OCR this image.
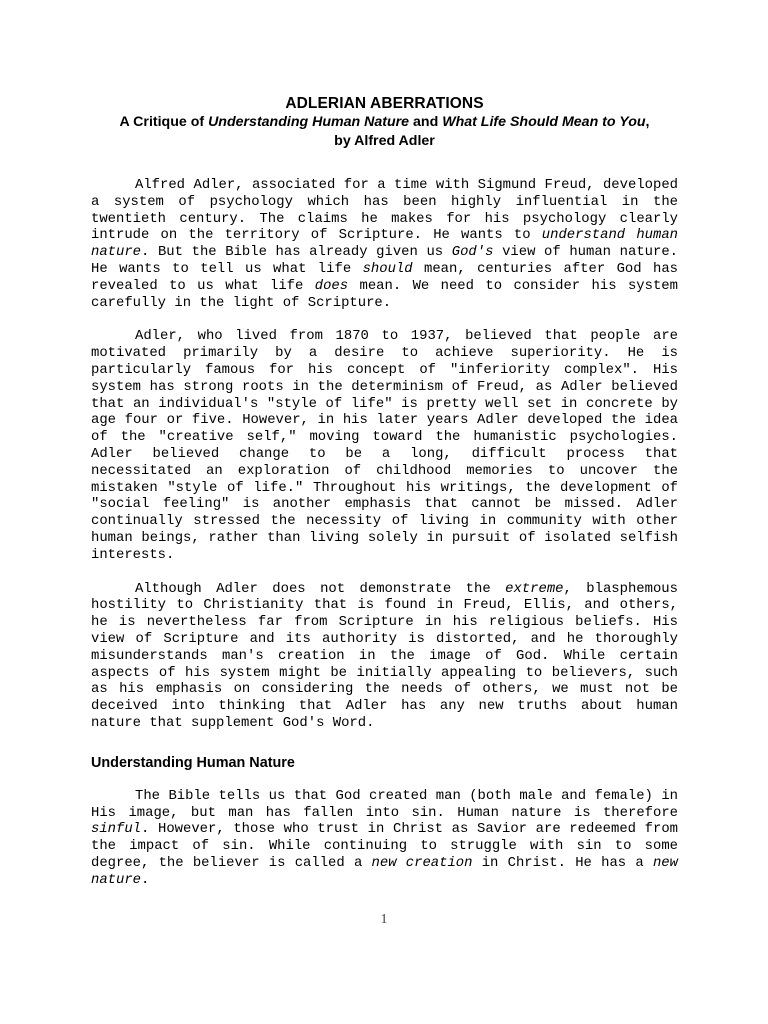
ADLERIAN ABERRATIONS

A Critique of Understanding Human Nature and What Life Should Mean to You,

by Alfred Adler

Alfred Adler, associated for a time with Sigmund Freud, developed a system of psychology which has been highly influential in the twentieth century. The claims he makes for his psychology clearly intrude on the territory of Scripture. He wants to understand human nature. But the Bible has already given us God's view of human nature. He wants to tell us what life should mean, centuries after God has revealed to us what life does mean. We need to consider his system carefully in the light of Scripture.

Adler, who lived from 1870 to 1937, believed that people are motivated primarily by a desire to achieve superiority. He is particularly famous for his concept of "inferiority complex". His system has strong roots in the determinism of Freud, as Adler believed that an individual's "style of life" is pretty well set in concrete by age four or five. However, in his later years Adler developed the idea of the "creative self," moving toward the humanistic psychologies. Adler believed change to be a long, difficult process that necessitated an exploration of childhood memories to uncover the mistaken "style of life." Throughout his writings, the development of "social feeling" is another emphasis that cannot be missed. Adler continually stressed the necessity of living in community with other human beings, rather than living solely in pursuit of isolated selfish interests.

Although Adler does not demonstrate the extreme, blasphemous hostility to Christianity that is found in Freud, Ellis, and others, he is nevertheless far from Scripture in his religious beliefs. His view of Scripture and its authority is distorted, and he thoroughly misunderstands man's creation in the image of God. While certain aspects of his system might be initially appealing to believers, such as his emphasis on considering the needs of others, we must not be deceived into thinking that Adler has any new truths about human nature that supplement God's Word.

Understanding Human Nature

The Bible tells us that God created man (both male and female) in His image, but man has fallen into sin. Human nature is therefore sinful. However, those who trust in Christ as Savior are redeemed from the impact of sin. While continuing to struggle with sin to some degree, the believer is called a new creation in Christ. He has a new nature.

1
